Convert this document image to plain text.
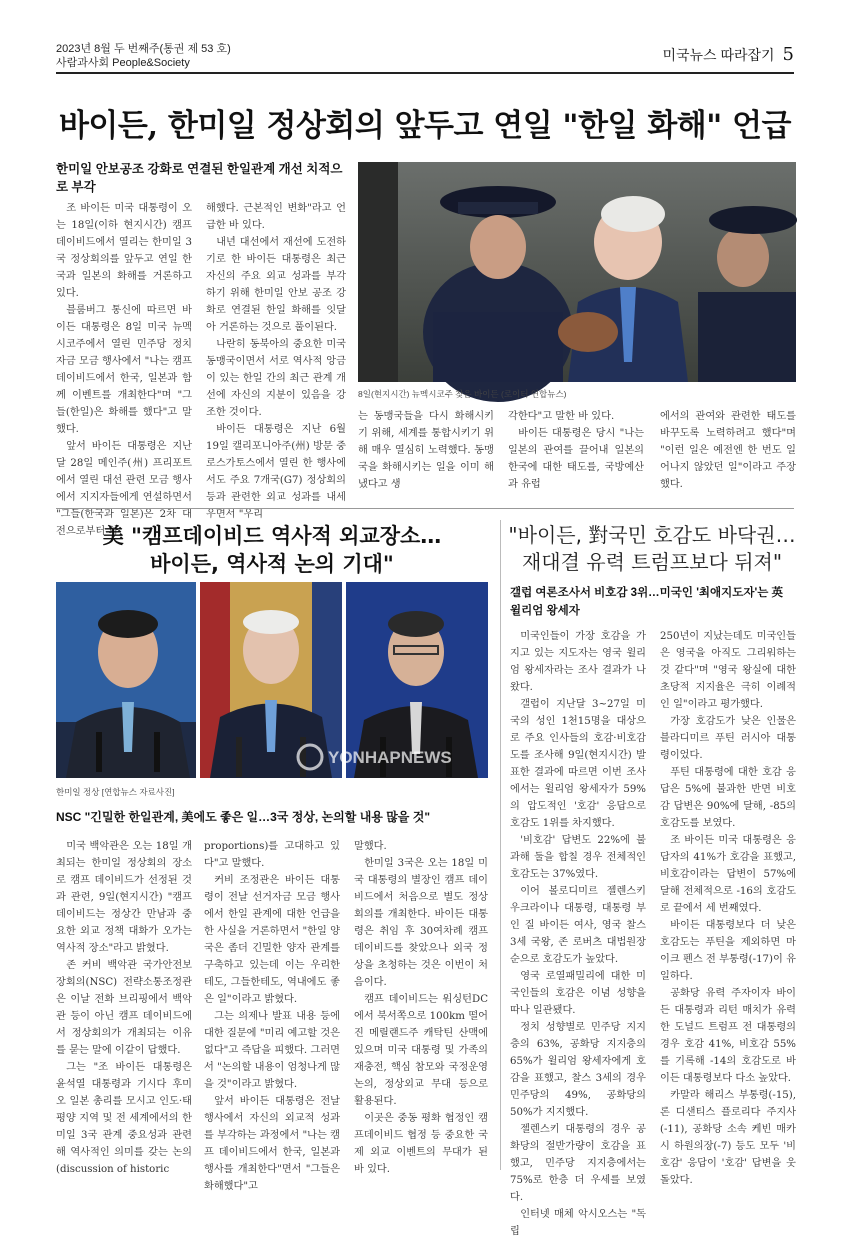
2023년 8월 두 번째주(통권 제 53 호)
사람과사회 People&Society	미국뉴스 따라잡기 5
바이든, 한미일 정상회의 앞두고 연일 "한일 화해" 언급
한미일 안보공조 강화로 연결된 한일관계 개선 치적으로 부각

조 바이든 미국 대통령이 오는 18일(이하 현지시간) 캠프 데이비드에서 열리는 한미일 3국 정상회의를 앞두고 연일 한국과 일본의 화해를 거론하고 있다.

블룸버그 통신에 따르면 바이든 대통령은 8일 미국 뉴멕시코주에서 열린 민주당 정치자금 모금 행사에서 "나는 캠프 데이비드에서 한국, 일본과 함께 이벤트를 개최한다"며 "그들(한일)은 화해를 했다"고 말했다.

앞서 바이든 대통령은 지난달 28일 메인주(州) 프리포트에서 열린 대선 관련 모금 행사에서 지지자들에게 연설하면서 "그들(한국과 일본)은 2차 대전으로부터 화

해했다. 근본적인 변화"라고 언급한 바 있다.

내년 대선에서 재선에 도전하기로 한 바이든 대통령은 최근 자신의 주요 외교 성과를 부각하기 위해 한미일 안보 공조 강화로 연결된 한일 화해를 잇달아 거론하는 것으로 풀이된다.

나란히 동북아의 중요한 미국 동맹국이면서 서로 역사적 앙금이 있는 한일 간의 최근 관계 개선에 자신의 지분이 있음을 강조한 것이다.

바이든 대통령은 지난 6월 19일 캘리포니아주(州) 방문 중 로스가토스에서 열린 한 행사에서도 주요 7개국(G7) 정상회의 등과 관련한 외교 성과를 내세우면서 "우리

8일(현지시간) 뉴멕시코주 찾은 바이든 (로이터 연합뉴스)

는 동맹국들을 다시 화해시키기 위해, 세계를 통합시키기 위해 매우 열심히 노력했다. 동맹국을 화해시키는 일을 이미 해냈다고 생

각한다"고 말한 바 있다.

바이든 대통령은 당시 "나는 일본의 관여를 끌어내 일본의 한국에 대한 태도를, 국방예산과 유럽

에서의 관여와 관련한 태도를 바꾸도록 노력하려고 했다"며 "이런 일은 예전엔 한 번도 일어나지 않았던 일"이라고 주장했다.

美 "캠프데이비드 역사적 외교장소…
바이든, 역사적 논의 기대"
YONHAPNEWS
한미일 정상 [연합뉴스 자료사진]
NSC "긴밀한 한일관계, 美에도 좋은 일…3국 정상, 논의할 내용 많을 것"

미국 백악관은 오는 18일 개최되는 한미일 정상회의 장소로 캠프 데이비드가 선정된 것과 관련, 9일(현지시간) "캠프 데이비드는 정상간 만남과 중요한 외교 정책 대화가 오가는 역사적 장소"라고 밝혔다.

존 커비 백악관 국가안전보장회의(NSC) 전략소통조정관은 이날 전화 브리핑에서 백악관 등이 아닌 캠프 데이비드에서 정상회의가 개최되는 이유를 묻는 말에 이같이 답했다.

그는 "조 바이든 대통령은 윤석열 대통령과 기시다 후미오 일본 총리를 모시고 인도·태평양 지역 및 전 세계에서의 한미일 3국 관계 중요성과 관련해 역사적인 의미를 갖는 논의(discussion of historic

proportions)를 고대하고 있다"고 말했다.

커비 조정관은 바이든 대통령이 전날 선거자금 모금 행사에서 한일 관계에 대한 언급을 한 사실을 거론하면서 "한일 양국은 좀더 긴밀한 양자 관계를 구축하고 있는데 이는 우리한테도, 그들한테도, 역내에도 좋은 일"이라고 밝혔다.

그는 의제나 발표 내용 등에 대한 질문에 "미리 예고할 것은 없다"고 즉답을 피했다. 그러면서 "논의할 내용이 엄청나게 많을 것"이라고 밝혔다.

앞서 바이든 대통령은 전날 행사에서 자신의 외교적 성과를 부각하는 과정에서 "나는 캠프 데이비드에서 한국, 일본과 행사를 개최한다"면서 "그들은 화해했다"고

말했다.

한미일 3국은 오는 18일 미국 대통령의 별장인 캠프 데이비드에서 처음으로 별도 정상회의를 개최한다. 바이든 대통령은 취임 후 30여차례 캠프 데이비드를 찾았으나 외국 정상을 초청하는 것은 이번이 처음이다.

캠프 데이비드는 워싱턴DC에서 북서쪽으로 100km 떨어진 메릴랜드주 캐탁틴 산맥에 있으며 미국 대통령 및 가족의 재충전, 핵심 참모와 국정운영 논의, 정상외교 무대 등으로 활용된다.

이곳은 중동 평화 협정인 캠프데이비드 협정 등 중요한 국제 외교 이벤트의 무대가 된 바 있다.

"바이든, 對국민 호감도 바닥권…
재대결 유력 트럼프보다 뒤져"
갤럽 여론조사서 비호감 3위…미국인 '최애지도자'는 英 윌리엄 왕세자

미국인들이 가장 호감을 가지고 있는 지도자는 영국 윌리엄 왕세자라는 조사 결과가 나왔다.

갤럽이 지난달 3~27일 미국의 성인 1천15명을 대상으로 주요 인사들의 호감·비호감도를 조사해 9일(현지시간) 발표한 결과에 따르면 이번 조사에서는 윌리엄 왕세자가 59%의 압도적인 '호감' 응답으로 호감도 1위를 차지했다.

'비호감' 답변도 22%에 불과해 둘을 합칠 경우 전체적인 호감도는 37%였다.

이어 볼로디미르 젤렌스키 우크라이나 대통령, 대통령 부인 질 바이든 여사, 영국 찰스 3세 국왕, 존 로버츠 대법원장 순으로 호감도가 높았다.

영국 로열패밀리에 대한 미국인들의 호감은 이념 성향을 따나 일관됐다.

정치 성향별로 민주당 지지층의 63%, 공화당 지지층의 65%가 윌리엄 왕세자에게 호감을 표했고, 찰스 3세의 경우 민주당의 49%, 공화당의 50%가 지지했다.

젤렌스키 대통령의 경우 공화당의 절반가량이 호감을 표했고, 민주당 지지층에서는 75%로 한층 더 우세를 보였다.

인터넷 매체 악시오스는 "독립

250년이 지났는데도 미국인들은 영국을 아직도 그리워하는 것 같다"며 "영국 왕실에 대한 초당적 지지율은 극히 이례적인 일"이라고 평가했다.

가장 호감도가 낮은 인물은 블라디미르 푸틴 러시아 대통령이었다.

푸틴 대통령에 대한 호감 응답은 5%에 불과한 반면 비호감 답변은 90%에 달해, -85의 호감도를 보였다.

조 바이든 미국 대통령은 응답자의 41%가 호감을 표했고, 비호감이라는 답변이 57%에 달해 전체적으로 -16의 호감도로 끝에서 세 번째였다.

바이든 대통령보다 더 낮은 호감도는 푸틴을 제외하면 마이크 펜스 전 부통령(-17)이 유일하다.

공화당 유력 주자이자 바이든 대통령과 리턴 매치가 유력한 도널드 트럼프 전 대통령의 경우 호감 41%, 비호감 55%를 기록해 -14의 호감도로 바이든 대통령보다 다소 높았다.

카말라 해리스 부통령(-15), 론 디샌티스 플로리다 주지사(-11), 공화당 소속 케빈 매카시 하원의장(-7) 등도 모두 '비호감' 응답이 '호감' 답변을 웃돌았다.
